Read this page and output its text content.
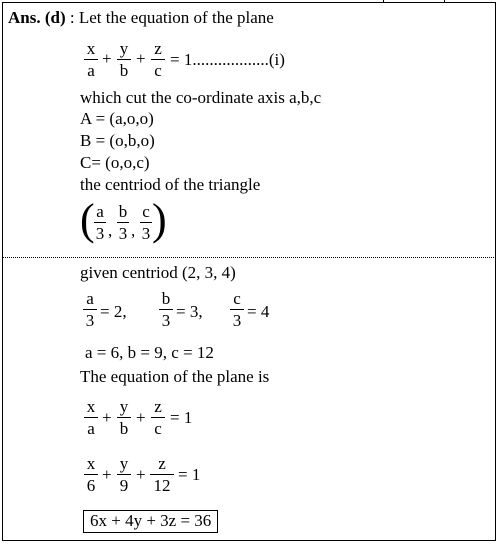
Ans. (d) : Let the equation of the plane
x
a
+
y
b
+
z
c
= 1..................(i)
which cut the co-ordinate axis a,b,c
A = (a,o,o)
B = (o,b,o)
C= (o,o,c)
the centriod of the triangle
( a
3 ,
b
3 ,
c
3 )
given centriod (2, 3, 4)
a
3 = 2,
b
3 = 3,
c
3 = 4
a = 6, b = 9, c = 12
The equation of the plane is
x
a
+
y
b
+
z
c
= 1
x
6
+
y
9
+
z
12
= 1
6x + 4y + 3z = 36
